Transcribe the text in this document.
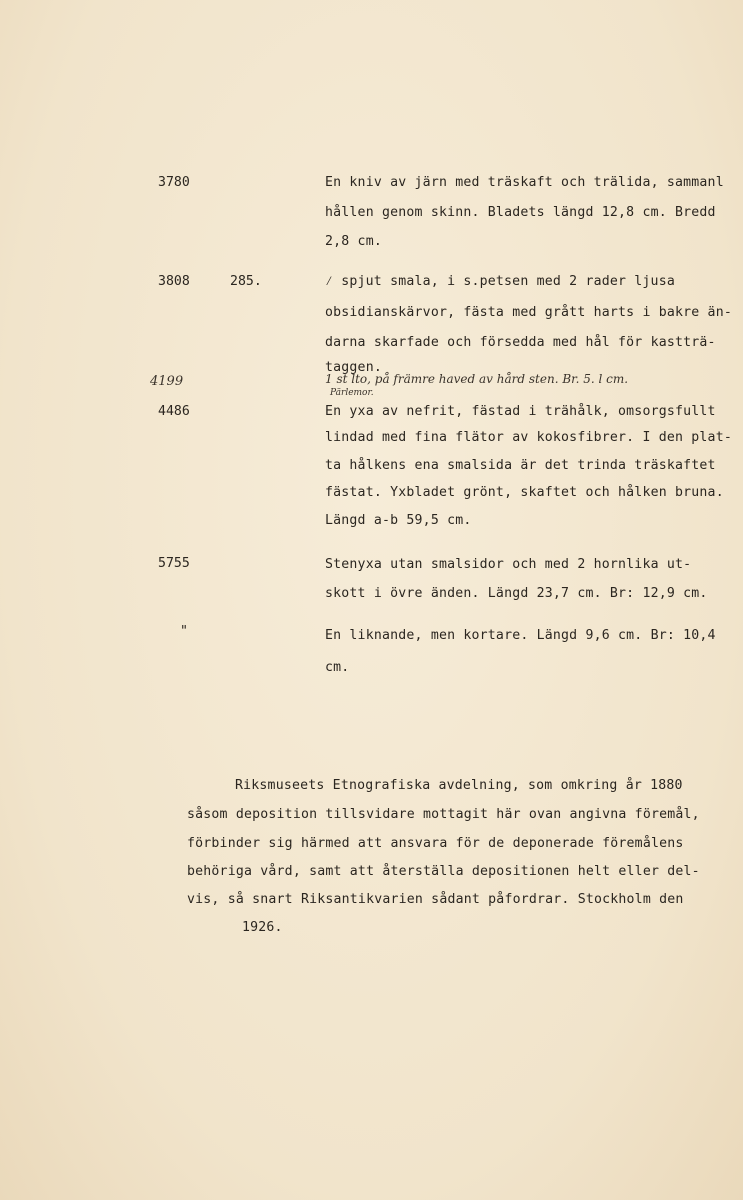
3780	En kniv av järn med träskaft och trälida, sammanl
hållen genom skinn. Bladets längd 12,8 cm. Bredd
2,8 cm.
3808	285.	⁄ spjut smala, i s.petsen med 2 rader ljusa
obsidianskärvor, fästa med grått harts i bakre än-
darna skarfade och försedda med hål för kastträ-
taggen.
4199	1 st lto, på främre haved av hård sten. Br. 5. l cm.
Pärlemor.
4486	En yxa av nefrit, fästad i trähålk, omsorgsfullt
lindad med fina flätor av kokosfibrer. I den plat-
ta hålkens ena smalsida är det trinda träskaftet
fästat. Yxbladet grönt, skaftet och hålken bruna.
Längd a-b 59,5 cm.
5755	Stenyxa utan smalsidor och med 2 hornlika ut-
skott i övre änden. Längd 23,7 cm. Br: 12,9 cm.
"	En liknande, men kortare. Längd 9,6 cm. Br: 10,4
cm.
Riksmuseets Etnografiska avdelning, som omkring år 1880
såsom deposition tillsvidare mottagit här ovan angivna föremål,
förbinder sig härmed att ansvara för de deponerade föremålens
behöriga vård, samt att återställa depositionen helt eller del-
vis, så snart Riksantikvarien sådant påfordrar. Stockholm den
1926.
